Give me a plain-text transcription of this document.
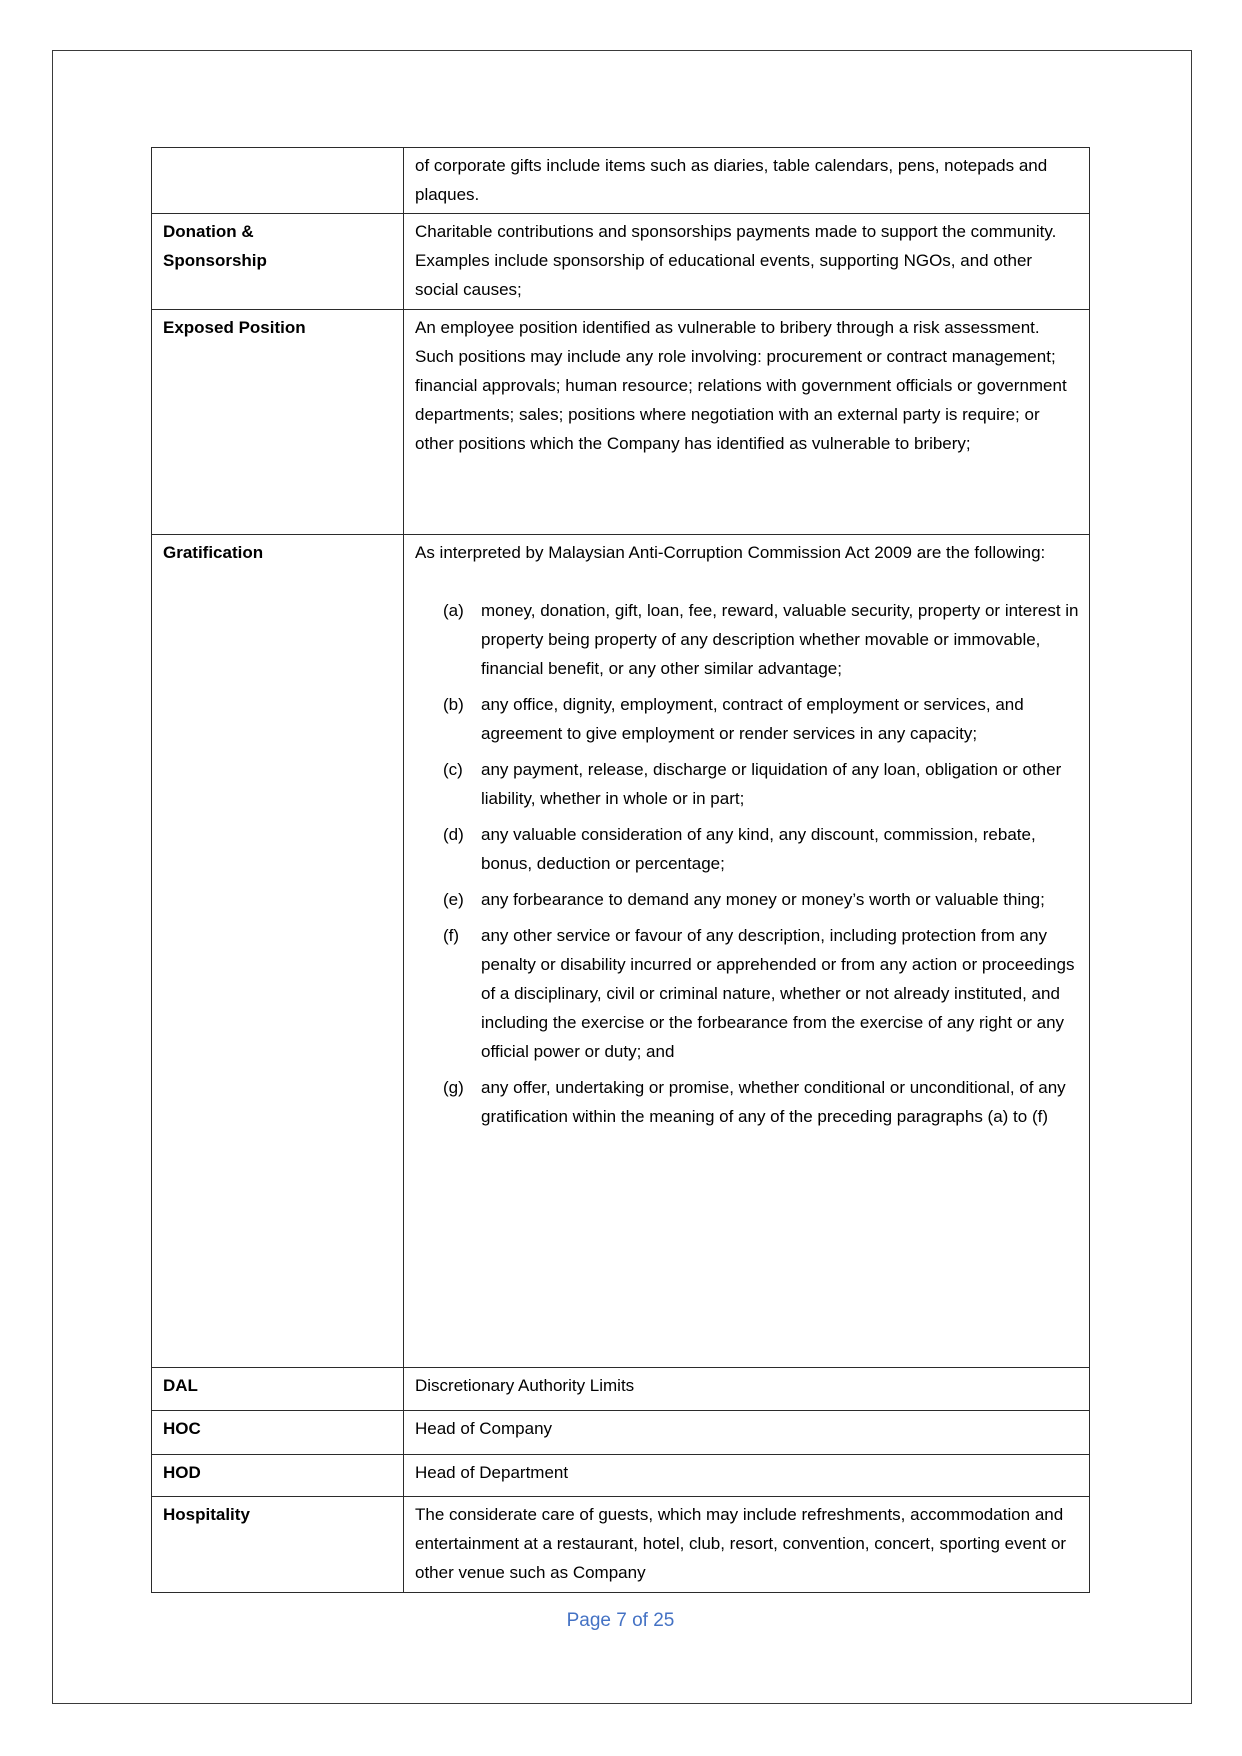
	of corporate gifts include items such as diaries, table calendars, pens, notepads and plaques.
Donation & Sponsorship	Charitable contributions and sponsorships payments made to support the community. Examples include sponsorship of educational events, supporting NGOs, and other social causes;
Exposed Position	An employee position identified as vulnerable to bribery through a risk assessment. Such positions may include any role involving: procurement or contract management; financial approvals; human resource; relations with government officials or government departments; sales; positions where negotiation with an external party is require; or other positions which the Company has identified as vulnerable to bribery;
Gratification	As interpreted by Malaysian Anti-Corruption Commission Act 2009 are the following:
(a)	money, donation, gift, loan, fee, reward, valuable security, property or interest in property being property of any description whether movable or immovable, financial benefit, or any other similar advantage;
(b)	any office, dignity, employment, contract of employment or services, and agreement to give employment or render services in any capacity;
(c)	any payment, release, discharge or liquidation of any loan, obligation or other liability, whether in whole or in part;
(d)	any valuable consideration of any kind, any discount, commission, rebate, bonus, deduction or percentage;
(e)	any forbearance to demand any money or money’s worth or valuable thing;
(f)	any other service or favour of any description, including protection from any penalty or disability incurred or apprehended or from any action or proceedings of a disciplinary, civil or criminal nature, whether or not already instituted, and including the exercise or the forbearance from the exercise of any right or any official power or duty; and
(g)	any offer, undertaking or promise, whether conditional or unconditional, of any gratification within the meaning of any of the preceding paragraphs (a) to (f)

DAL	Discretionary Authority Limits
HOC	Head of Company
HOD	Head of Department
Hospitality	The considerate care of guests, which may include refreshments, accommodation and entertainment at a restaurant, hotel, club, resort, convention, concert, sporting event or other venue such as Company
Page 7 of 25
